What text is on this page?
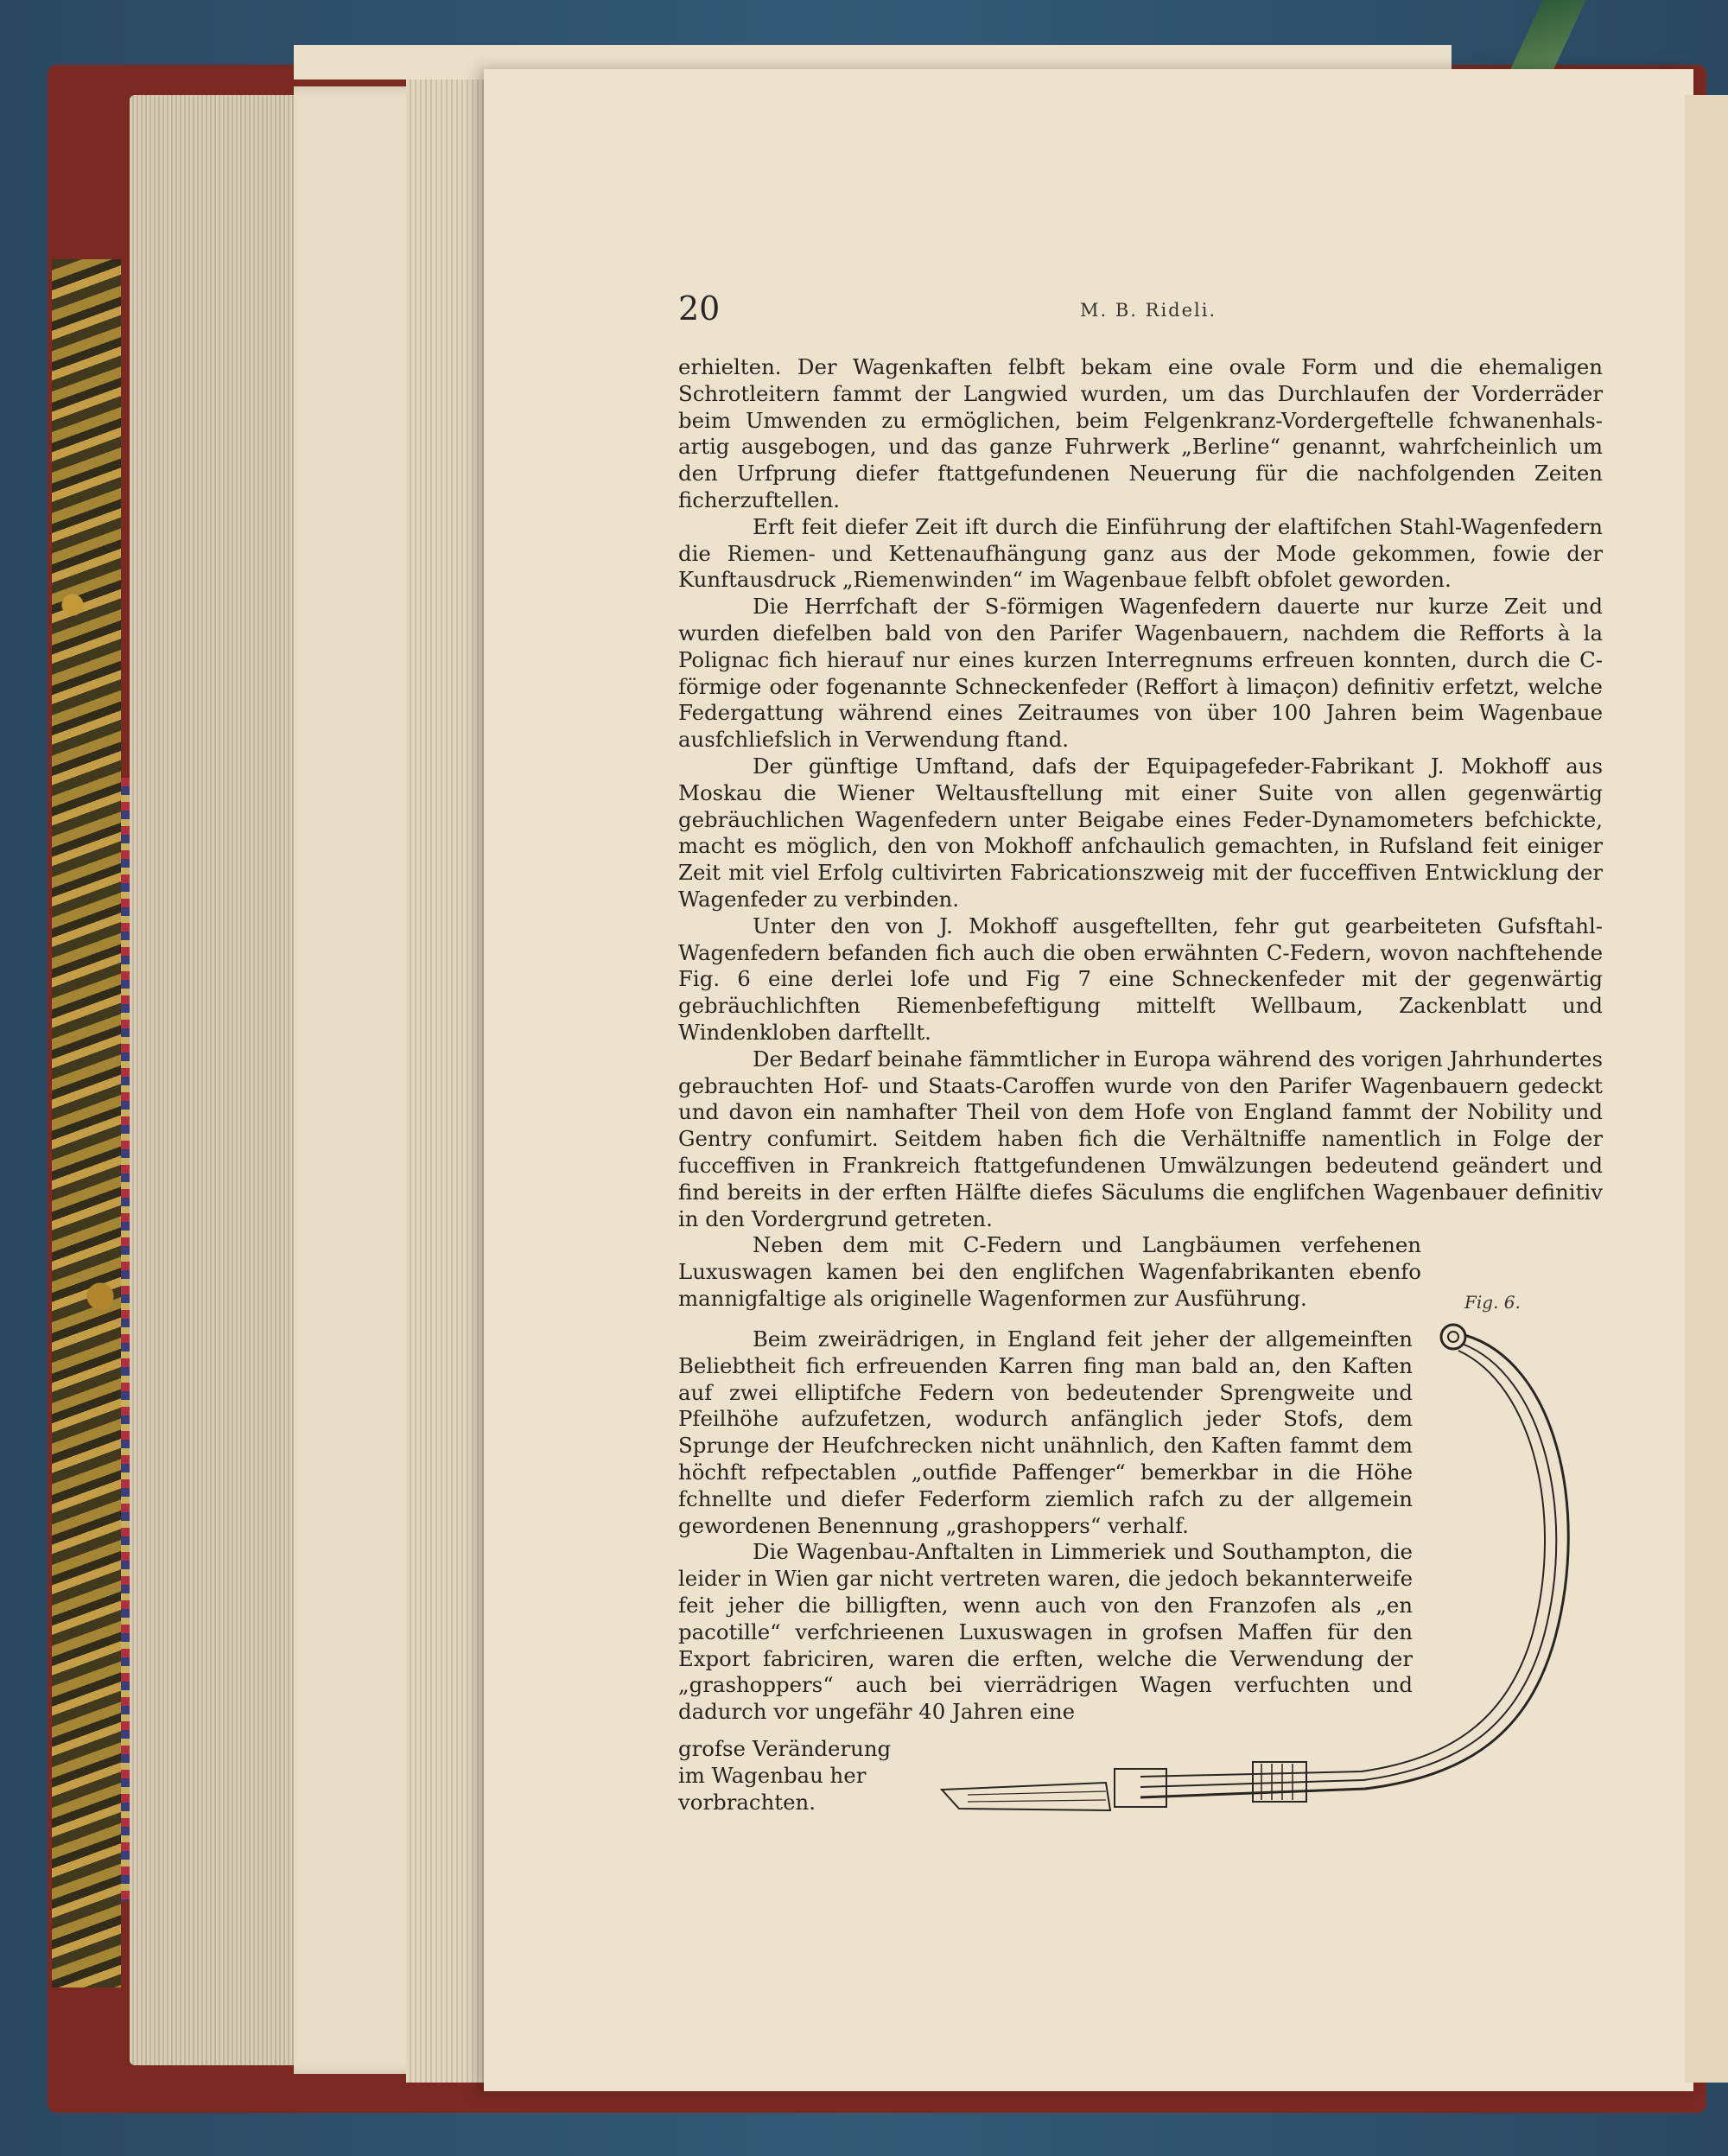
20	M. B. Rideli.

erhielten. Der Wagenkaften felbft bekam eine ovale Form und die ehemaligen Schrotleitern fammt der Langwied wurden, um das Durchlaufen der Vorderräder beim Umwenden zu ermöglichen, beim Felgenkranz-Vordergeftelle fchwanenhals-artig ausgebogen, und das ganze Fuhrwerk „Berline“ genannt, wahrfcheinlich um den Urfprung diefer ftattgefundenen Neuerung für die nachfolgenden Zeiten ficherzuftellen.

Erft feit diefer Zeit ift durch die Einführung der elaftifchen Stahl-Wagenfedern die Riemen- und Kettenaufhängung ganz aus der Mode gekommen, fowie der Kunftausdruck „Riemenwinden“ im Wagenbaue felbft obfolet geworden.

Die Herrfchaft der S-förmigen Wagenfedern dauerte nur kurze Zeit und wurden diefelben bald von den Parifer Wagenbauern, nachdem die Refforts à la Polignac fich hierauf nur eines kurzen Interregnums erfreuen konnten, durch die C-förmige oder fogenannte Schneckenfeder (Reffort à limaçon) definitiv erfetzt, welche Federgattung während eines Zeitraumes von über 100 Jahren beim Wagenbaue ausfchliefslich in Verwendung ftand.

Der günftige Umftand, dafs der Equipagefeder-Fabrikant J. Mokhoff aus Moskau die Wiener Weltausftellung mit einer Suite von allen gegenwärtig gebräuchlichen Wagenfedern unter Beigabe eines Feder-Dynamometers befchickte, macht es möglich, den von Mokhoff anfchaulich gemachten, in Rufsland feit einiger Zeit mit viel Erfolg cultivirten Fabricationszweig mit der fucceffiven Entwicklung der Wagenfeder zu verbinden.

Unter den von J. Mokhoff ausgeftellten, fehr gut gearbeiteten Gufsftahl-Wagenfedern befanden fich auch die oben erwähnten C-Federn, wovon nachftehende Fig. 6 eine derlei lofe und Fig 7 eine Schneckenfeder mit der gegenwärtig gebräuchlichften Riemenbefeftigung mittelft Wellbaum, Zackenblatt und Windenkloben darftellt.

Der Bedarf beinahe fämmtlicher in Europa während des vorigen Jahrhundertes gebrauchten Hof- und Staats-Caroffen wurde von den Parifer Wagenbauern gedeckt und davon ein namhafter Theil von dem Hofe von England fammt der Nobility und Gentry confumirt. Seitdem haben fich die Verhältniffe namentlich in Folge der fucceffiven in Frankreich ftattgefundenen Umwälzungen bedeutend geändert und find bereits in der erften Hälfte diefes Säculums die englifchen Wagenbauer definitiv in den Vordergrund getreten.

Neben dem mit C-Federn und Langbäumen verfehenen Luxuswagen kamen bei den englifchen Wagenfabrikanten ebenfo mannigfaltige als originelle Wagenformen zur Ausführung.

Beim zweirädrigen, in England feit jeher der allgemeinften Beliebtheit fich erfreuenden Karren fing man bald an, den Kaften auf zwei elliptifche Federn von bedeutender Sprengweite und Pfeilhöhe aufzufetzen, wodurch anfänglich jeder Stofs, dem Sprunge der Heufchrecken nicht unähnlich, den Kaften fammt dem höchft refpectablen „outfide Paffenger“ bemerkbar in die Höhe fchnellte und diefer Federform ziemlich rafch zu der allgemein gewordenen Benennung „grashoppers“ verhalf.

Die Wagenbau-Anftalten in Limmeriek und Southampton, die leider in Wien gar nicht vertreten waren, die jedoch bekannterweife feit jeher die billigften, wenn auch von den Franzofen als „en pacotille“ verfchrieenen Luxuswagen in grofsen Maffen für den Export fabriciren, waren die erften, welche die Verwendung der „grashoppers“ auch bei vierrädrigen Wagen verfuchten und dadurch vor ungefähr 40 Jahren eine

grofse Veränderung im Wagenbau her vorbrachten.

Fig. 6.
